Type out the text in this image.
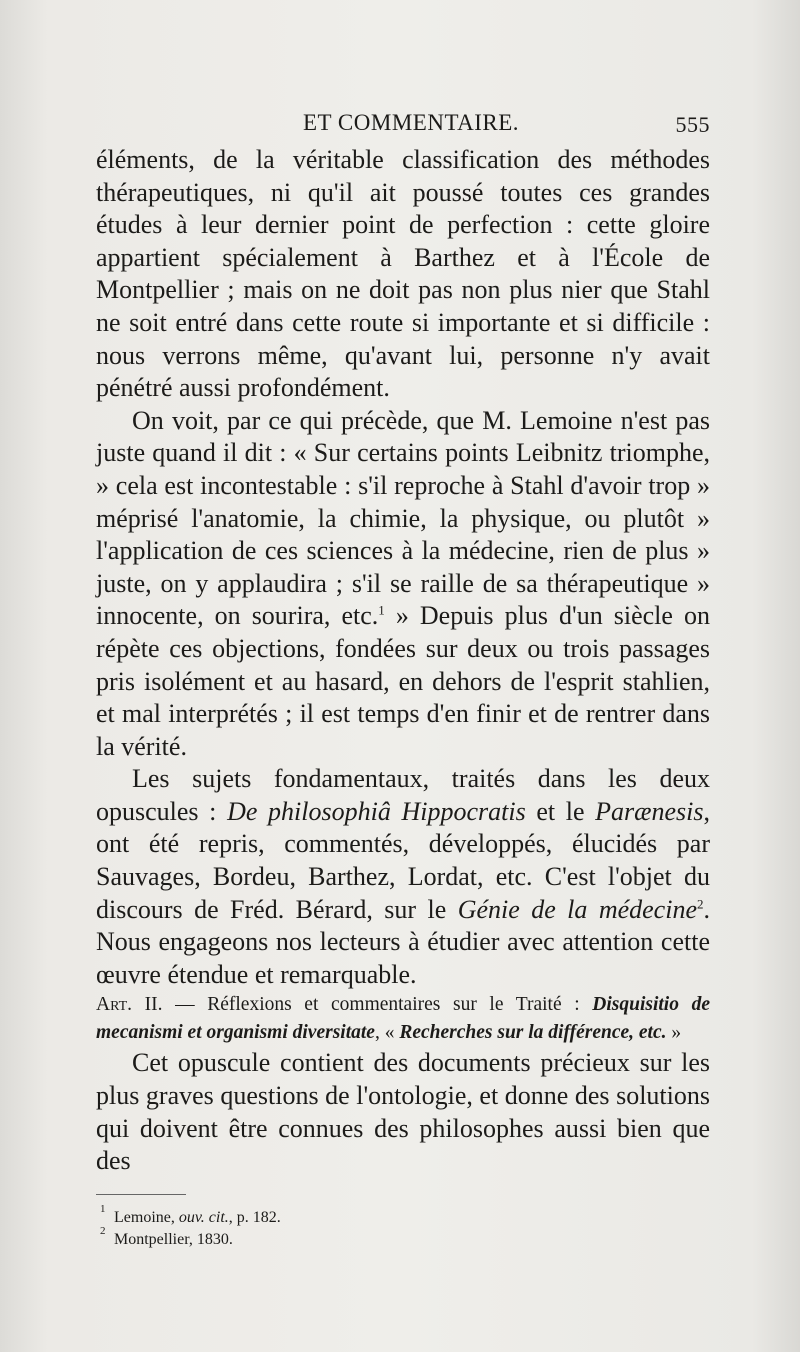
ET COMMENTAIRE.	555

éléments, de la véritable classification des méthodes thérapeutiques, ni qu'il ait poussé toutes ces grandes études à leur dernier point de perfection : cette gloire appartient spécialement à Barthez et à l'École de Montpellier ; mais on ne doit pas non plus nier que Stahl ne soit entré dans cette route si importante et si difficile : nous verrons même, qu'avant lui, personne n'y avait pénétré aussi profondément.

On voit, par ce qui précède, que M. Lemoine n'est pas juste quand il dit : « Sur certains points Leibnitz triomphe, » cela est incontestable : s'il reproche à Stahl d'avoir trop » méprisé l'anatomie, la chimie, la physique, ou plutôt » l'application de ces sciences à la médecine, rien de plus » juste, on y applaudira ; s'il se raille de sa thérapeutique » innocente, on sourira, etc.$^1$ » Depuis plus d'un siècle on répète ces objections, fondées sur deux ou trois passages pris isolément et au hasard, en dehors de l'esprit stahlien, et mal interprétés ; il est temps d'en finir et de rentrer dans la vérité.

Les sujets fondamentaux, traités dans les deux opuscules : De philosophiâ Hippocratis et le Parænesis, ont été repris, commentés, développés, élucidés par Sauvages, Bordeu, Barthez, Lordat, etc. C'est l'objet du discours de Fréd. Bérard, sur le Génie de la médecine$^2$. Nous engageons nos lecteurs à étudier avec attention cette œuvre étendue et remarquable.

Art. II. — Réflexions et commentaires sur le Traité : Disquisitio de mecanismi et organismi diversitate, « Recherches sur la différence, etc. »

Cet opuscule contient des documents précieux sur les plus graves questions de l'ontologie, et donne des solutions qui doivent être connues des philosophes aussi bien que des

1 Lemoine, ouv. cit., p. 182.
2 Montpellier, 1830.
